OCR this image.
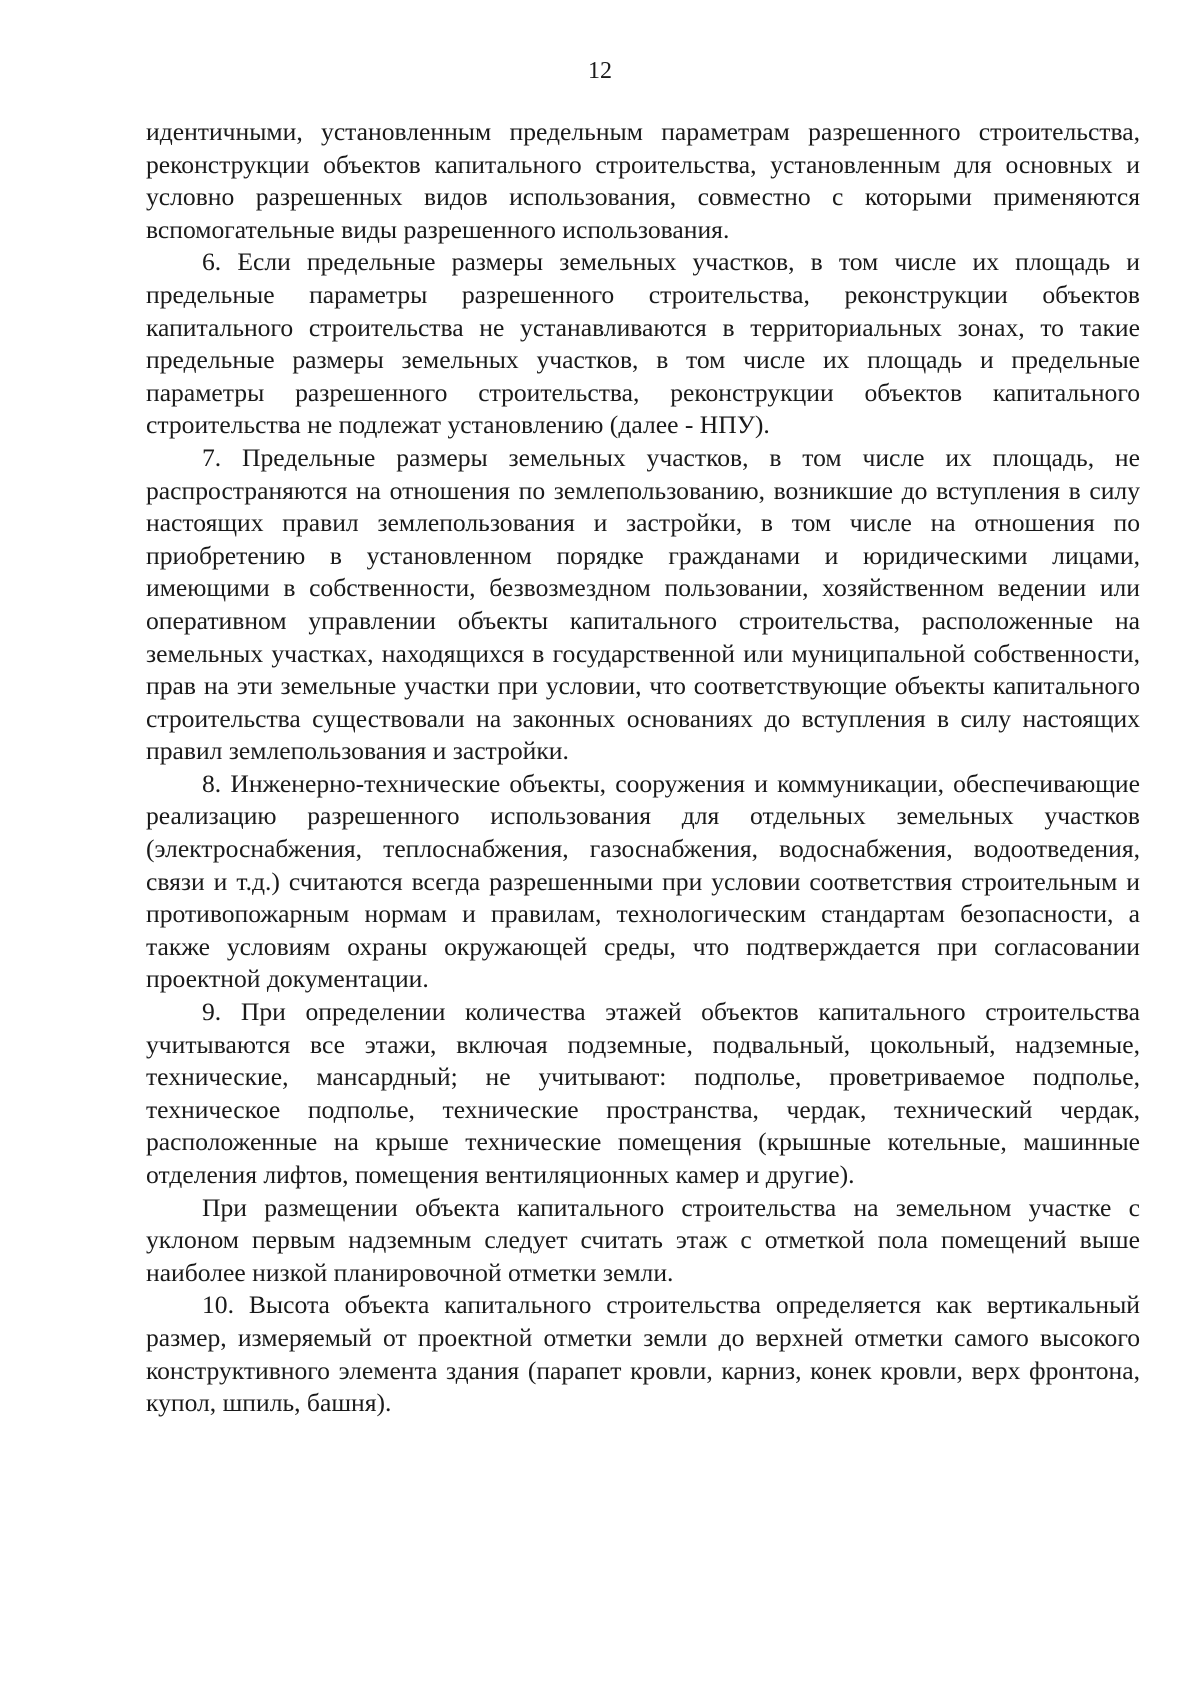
12

идентичными, установленным предельным параметрам разрешенного строительства, реконструкции объектов капитального строительства, установленным для основных и условно разрешенных видов использования, совместно с которыми применяются вспомогательные виды разрешенного использования.

6. Если предельные размеры земельных участков, в том числе их площадь и предельные параметры разрешенного строительства, реконструкции объектов капитального строительства не устанавливаются в территориальных зонах, то такие предельные размеры земельных участков, в том числе их площадь и предельные параметры разрешенного строительства, реконструкции объектов капитального строительства не подлежат установлению (далее - НПУ).

7. Предельные размеры земельных участков, в том числе их площадь, не распространяются на отношения по землепользованию, возникшие до вступления в силу настоящих правил землепользования и застройки, в том числе на отношения по приобретению в установленном порядке гражданами и юридическими лицами, имеющими в собственности, безвозмездном пользовании, хозяйственном ведении или оперативном управлении объекты капитального строительства, расположенные на земельных участках, находящихся в государственной или муниципальной собственности, прав на эти земельные участки при условии, что соответствующие объекты капитального строительства существовали на законных основаниях до вступления в силу настоящих правил землепользования и застройки.

8. Инженерно-технические объекты, сооружения и коммуникации, обеспечивающие реализацию разрешенного использования для отдельных земельных участков (электроснабжения, теплоснабжения, газоснабжения, водоснабжения, водоотведения, связи и т.д.) считаются всегда разрешенными при условии соответствия строительным и противопожарным нормам и правилам, технологическим стандартам безопасности, а также условиям охраны окружающей среды, что подтверждается при согласовании проектной документации.

9. При определении количества этажей объектов капитального строительства учитываются все этажи, включая подземные, подвальный, цокольный, надземные, технические, мансардный; не учитывают: подполье, проветриваемое подполье, техническое подполье, технические пространства, чердак, технический чердак, расположенные на крыше технические помещения (крышные котельные, машинные отделения лифтов, помещения вентиляционных камер и другие).

При размещении объекта капитального строительства на земельном участке с уклоном первым надземным следует считать этаж с отметкой пола помещений выше наиболее низкой планировочной отметки земли.

10. Высота объекта капитального строительства определяется как вертикальный размер, измеряемый от проектной отметки земли до верхней отметки самого высокого конструктивного элемента здания (парапет кровли, карниз, конек кровли, верх фронтона, купол, шпиль, башня).
